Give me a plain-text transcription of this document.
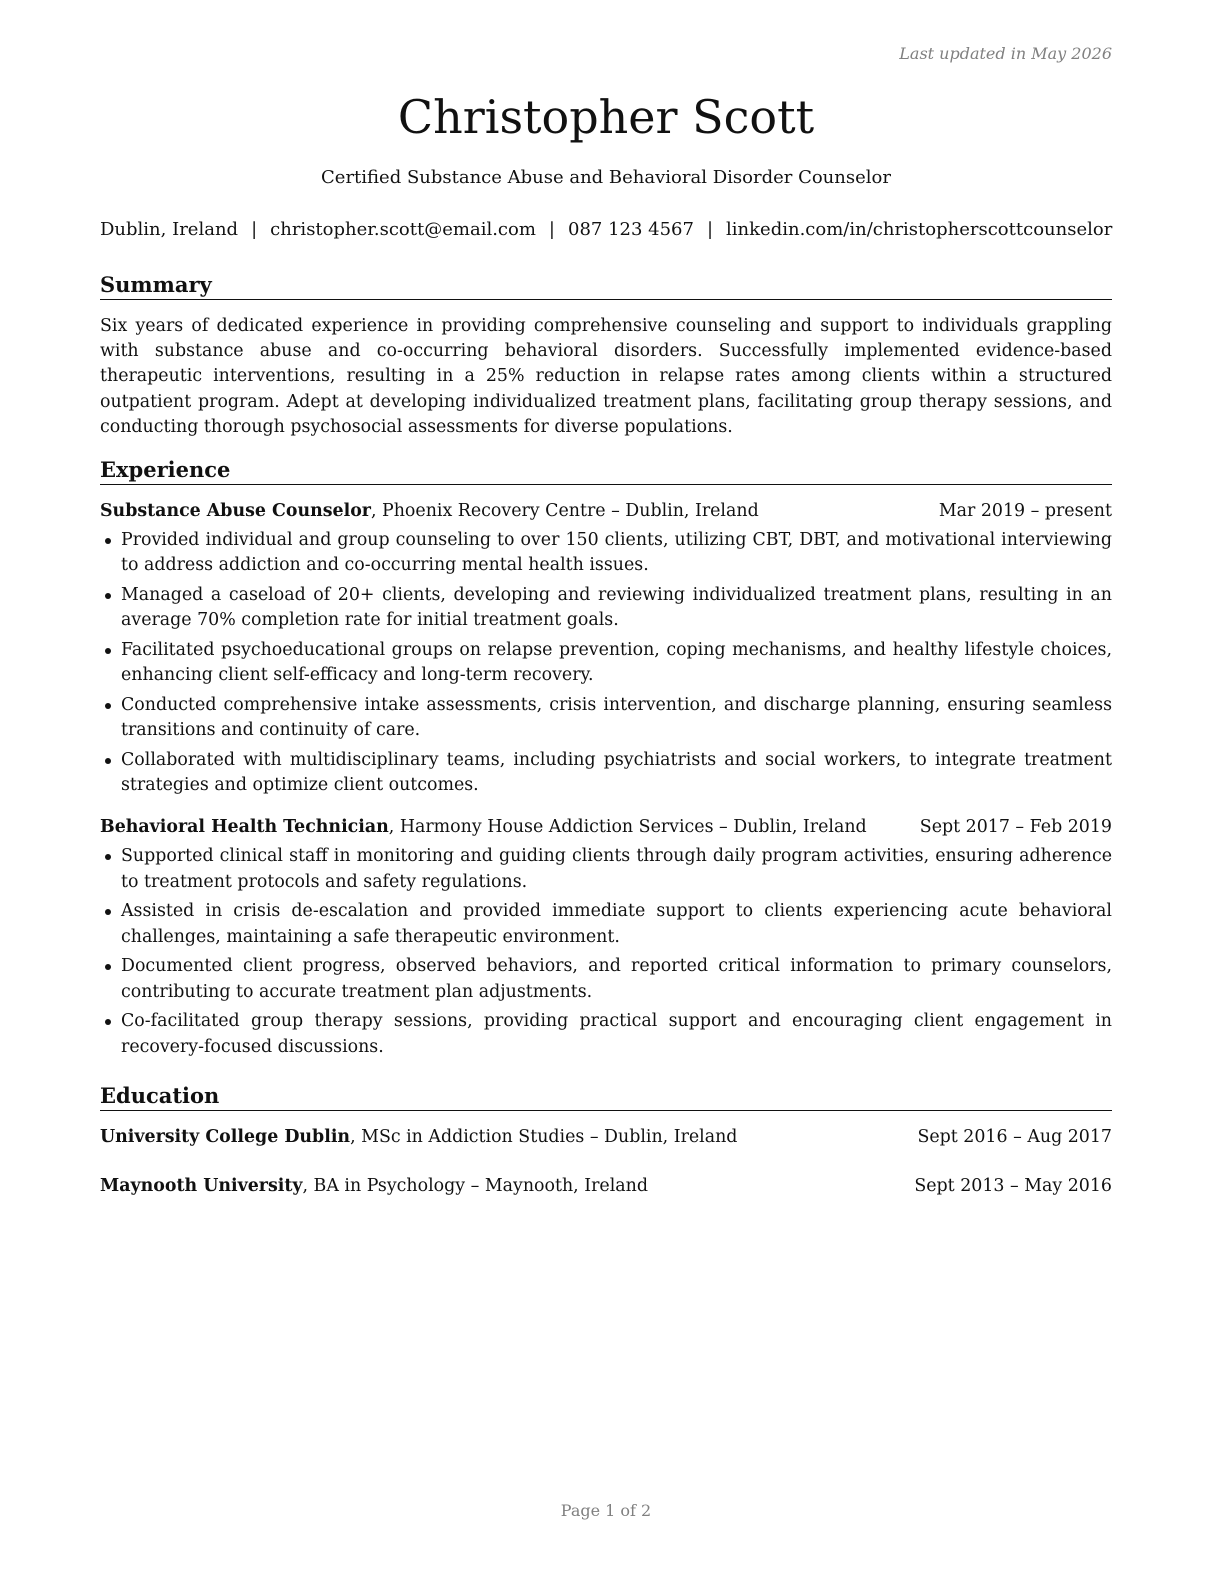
Last updated in May 2026
Christopher Scott
Certified Substance Abuse and Behavioral Disorder Counselor
Dublin, Ireland | christopher.scott@email.com | 087 123 4567 | linkedin.com/in/christopherscottcounselor
Summary

Six years of dedicated experience in providing comprehensive counseling and support to individuals grappling with substance abuse and co-occurring behavioral disorders. Successfully implemented evidence-based therapeutic interventions, resulting in a 25% reduction in relapse rates among clients within a structured outpatient program. Adept at developing individualized treatment plans, facilitating group therapy sessions, and conducting thorough psychosocial assessments for diverse populations.

Experience
Substance Abuse Counselor, Phoenix Recovery Centre – Dublin, Ireland	Mar 2019 – present
Provided individual and group counseling to over 150 clients, utilizing CBT, DBT, and motivational interviewing to address addiction and co-occurring mental health issues.
Managed a caseload of 20+ clients, developing and reviewing individualized treatment plans, resulting in an average 70% completion rate for initial treatment goals.
Facilitated psychoeducational groups on relapse prevention, coping mechanisms, and healthy lifestyle choices, enhancing client self-efficacy and long-term recovery.
Conducted comprehensive intake assessments, crisis intervention, and discharge planning, ensuring seamless transitions and continuity of care.
Collaborated with multidisciplinary teams, including psychiatrists and social workers, to integrate treatment strategies and optimize client outcomes.
Behavioral Health Technician, Harmony House Addiction Services – Dublin, Ireland	Sept 2017 – Feb 2019
Supported clinical staff in monitoring and guiding clients through daily program activities, ensuring adherence to treatment protocols and safety regulations.
Assisted in crisis de-escalation and provided immediate support to clients experiencing acute behavioral challenges, maintaining a safe therapeutic environment.
Documented client progress, observed behaviors, and reported critical information to primary counselors, contributing to accurate treatment plan adjustments.
Co-facilitated group therapy sessions, providing practical support and encouraging client engagement in recovery-focused discussions.
Education
University College Dublin, MSc in Addiction Studies – Dublin, Ireland	Sept 2016 – Aug 2017
Maynooth University, BA in Psychology – Maynooth, Ireland	Sept 2013 – May 2016
Page 1 of 2
